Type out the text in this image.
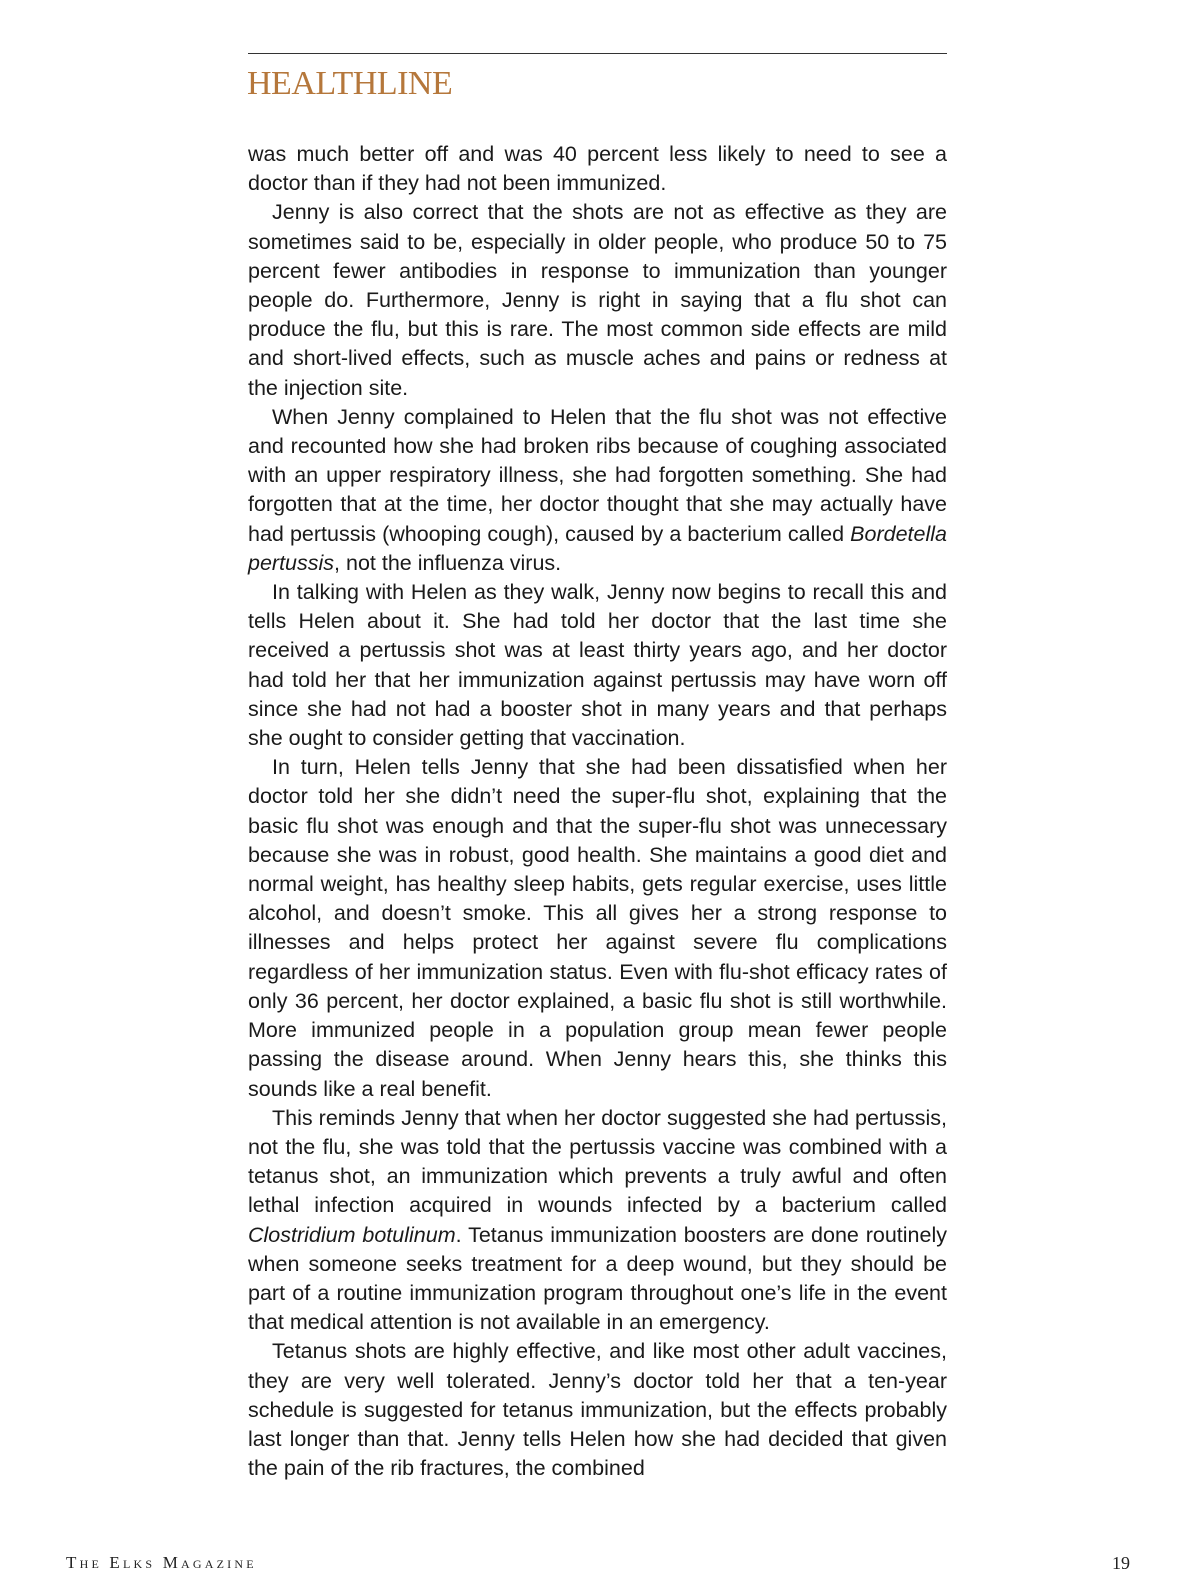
HEALTHLINE

was much better off and was 40 percent less likely to need to see a doctor than if they had not been immunized.

Jenny is also correct that the shots are not as effective as they are sometimes said to be, especially in older people, who produce 50 to 75 percent fewer antibodies in response to immunization than younger people do. Furthermore, Jenny is right in saying that a flu shot can produce the flu, but this is rare. The most common side effects are mild and short-lived effects, such as muscle aches and pains or redness at the injection site.

When Jenny complained to Helen that the flu shot was not effective and recounted how she had broken ribs because of coughing associated with an upper respiratory illness, she had forgotten something. She had forgotten that at the time, her doctor thought that she may actually have had pertussis (whooping cough), caused by a bacterium called Bordetella pertussis, not the influenza virus.

In talking with Helen as they walk, Jenny now begins to recall this and tells Helen about it. She had told her doctor that the last time she received a pertussis shot was at least thirty years ago, and her doctor had told her that her immunization against pertussis may have worn off since she had not had a booster shot in many years and that perhaps she ought to consider getting that vaccination.

In turn, Helen tells Jenny that she had been dissatisfied when her doctor told her she didn’t need the super-flu shot, explaining that the basic flu shot was enough and that the super-flu shot was unnecessary because she was in robust, good health. She maintains a good diet and normal weight, has healthy sleep habits, gets regular exercise, uses little alcohol, and doesn’t smoke. This all gives her a strong response to illnesses and helps protect her against severe flu complications regardless of her immunization status. Even with flu-shot efficacy rates of only 36 percent, her doctor explained, a basic flu shot is still worthwhile. More immunized people in a population group mean fewer people passing the disease around. When Jenny hears this, she thinks this sounds like a real benefit.

This reminds Jenny that when her doctor suggested she had pertussis, not the flu, she was told that the pertussis vaccine was combined with a tetanus shot, an immunization which prevents a truly awful and often lethal infection acquired in wounds infected by a bacterium called Clostridium botulinum. Tetanus immunization boosters are done routinely when someone seeks treatment for a deep wound, but they should be part of a routine immunization program throughout one’s life in the event that medical attention is not available in an emergency.

Tetanus shots are highly effective, and like most other adult vaccines, they are very well tolerated. Jenny’s doctor told her that a ten-year schedule is suggested for tetanus immunization, but the effects probably last longer than that. Jenny tells Helen how she had decided that given the pain of the rib fractures, the combined

The Elks Magazine	19
